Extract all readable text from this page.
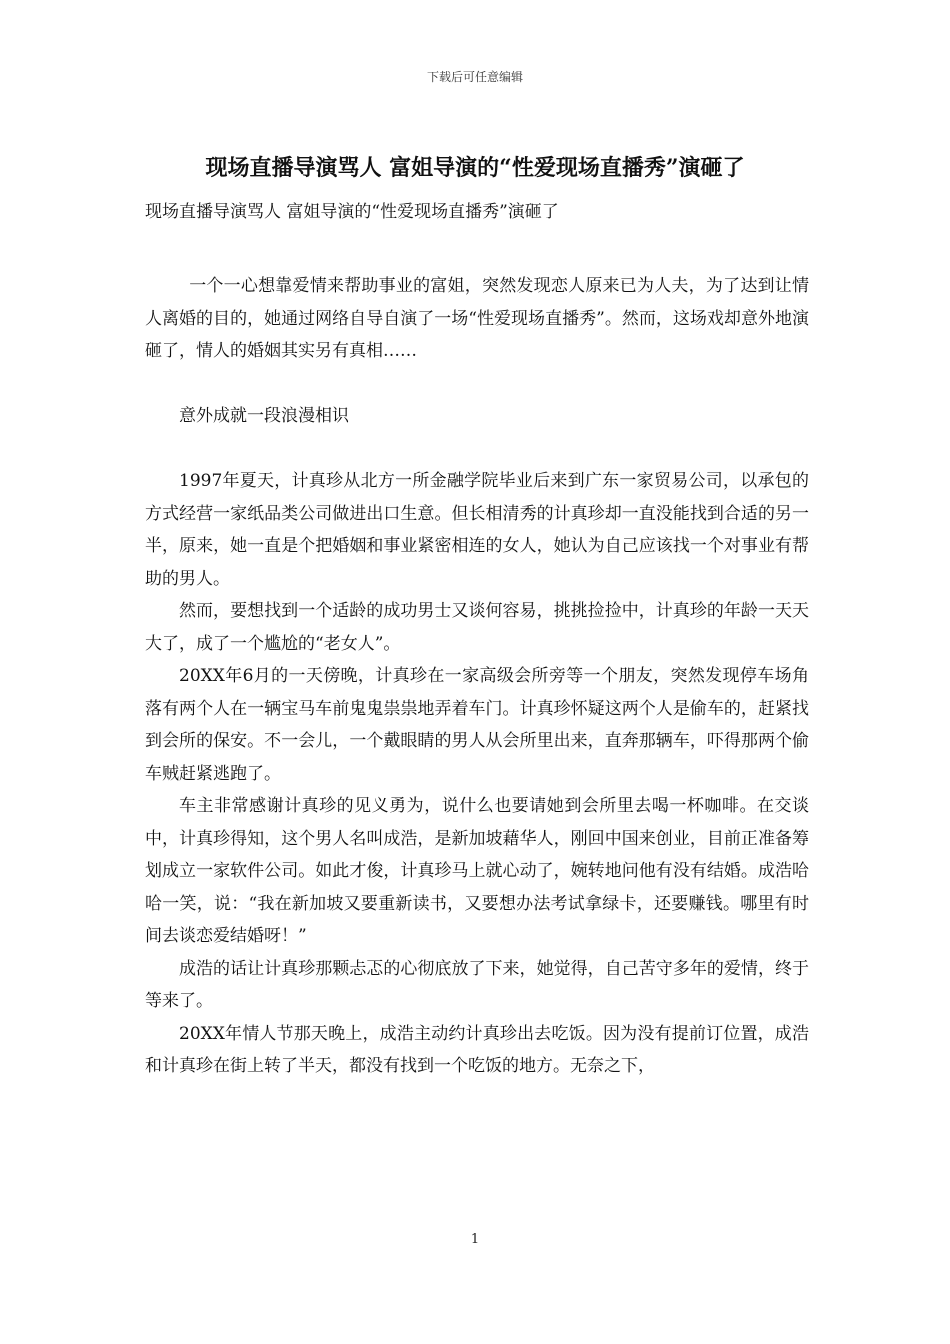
下载后可任意编辑
现场直播导演骂人 富姐导演的“性爱现场直播秀”演砸了
现场直播导演骂人 富姐导演的“性爱现场直播秀”演砸了

一个一心想靠爱情来帮助事业的富姐，突然发现恋人原来已为人夫，为了达到让情人离婚的目的，她通过网络自导自演了一场“性爱现场直播秀”。然而，这场戏却意外地演砸了，情人的婚姻其实另有真相……

意外成就一段浪漫相识

1997年夏天，计真珍从北方一所金融学院毕业后来到广东一家贸易公司，以承包的方式经营一家纸品类公司做进出口生意。但长相清秀的计真珍却一直没能找到合适的另一半，原来，她一直是个把婚姻和事业紧密相连的女人，她认为自己应该找一个对事业有帮助的男人。

然而，要想找到一个适龄的成功男士又谈何容易，挑挑捡捡中，计真珍的年龄一天天大了，成了一个尴尬的“老女人”。

20XX年6月的一天傍晚，计真珍在一家高级会所旁等一个朋友，突然发现停车场角落有两个人在一辆宝马车前鬼鬼祟祟地弄着车门。计真珍怀疑这两个人是偷车的，赶紧找到会所的保安。不一会儿，一个戴眼睛的男人从会所里出来，直奔那辆车，吓得那两个偷车贼赶紧逃跑了。

车主非常感谢计真珍的见义勇为，说什么也要请她到会所里去喝一杯咖啡。在交谈中，计真珍得知，这个男人名叫成浩，是新加坡藉华人，刚回中国来创业，目前正准备筹划成立一家软件公司。如此才俊，计真珍马上就心动了，婉转地问他有没有结婚。成浩哈哈一笑，说：“我在新加坡又要重新读书，又要想办法考试拿绿卡，还要赚钱。哪里有时间去谈恋爱结婚呀！”

成浩的话让计真珍那颗忐忑的心彻底放了下来，她觉得，自己苦守多年的爱情，终于等来了。

20XX年情人节那天晚上，成浩主动约计真珍出去吃饭。因为没有提前订位置，成浩和计真珍在街上转了半天，都没有找到一个吃饭的地方。无奈之下，

1
